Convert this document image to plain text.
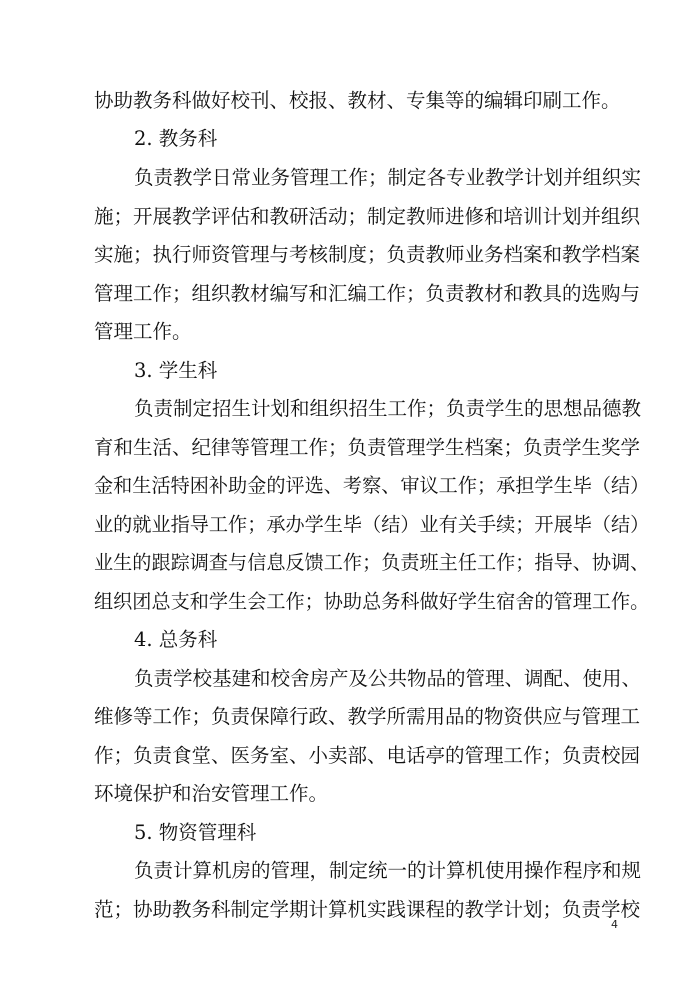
协助教务科做好校刊、校报、教材、专集等的编辑印刷工作。
2. 教务科
负责教学日常业务管理工作；制定各专业教学计划并组织实
施；开展教学评估和教研活动；制定教师进修和培训计划并组织
实施；执行师资管理与考核制度；负责教师业务档案和教学档案
管理工作；组织教材编写和汇编工作；负责教材和教具的选购与
管理工作。
3. 学生科
负责制定招生计划和组织招生工作；负责学生的思想品德教
育和生活、纪律等管理工作；负责管理学生档案；负责学生奖学
金和生活特困补助金的评选、考察、审议工作；承担学生毕（结）
业的就业指导工作；承办学生毕（结）业有关手续；开展毕（结）
业生的跟踪调查与信息反馈工作；负责班主任工作；指导、协调、
组织团总支和学生会工作；协助总务科做好学生宿舍的管理工作。
4. 总务科
负责学校基建和校舍房产及公共物品的管理、调配、使用、
维修等工作；负责保障行政、教学所需用品的物资供应与管理工
作；负责食堂、医务室、小卖部、电话亭的管理工作；负责校园
环境保护和治安管理工作。
5. 物资管理科
负责计算机房的管理，制定统一的计算机使用操作程序和规
范；协助教务科制定学期计算机实践课程的教学计划；负责学校
4
